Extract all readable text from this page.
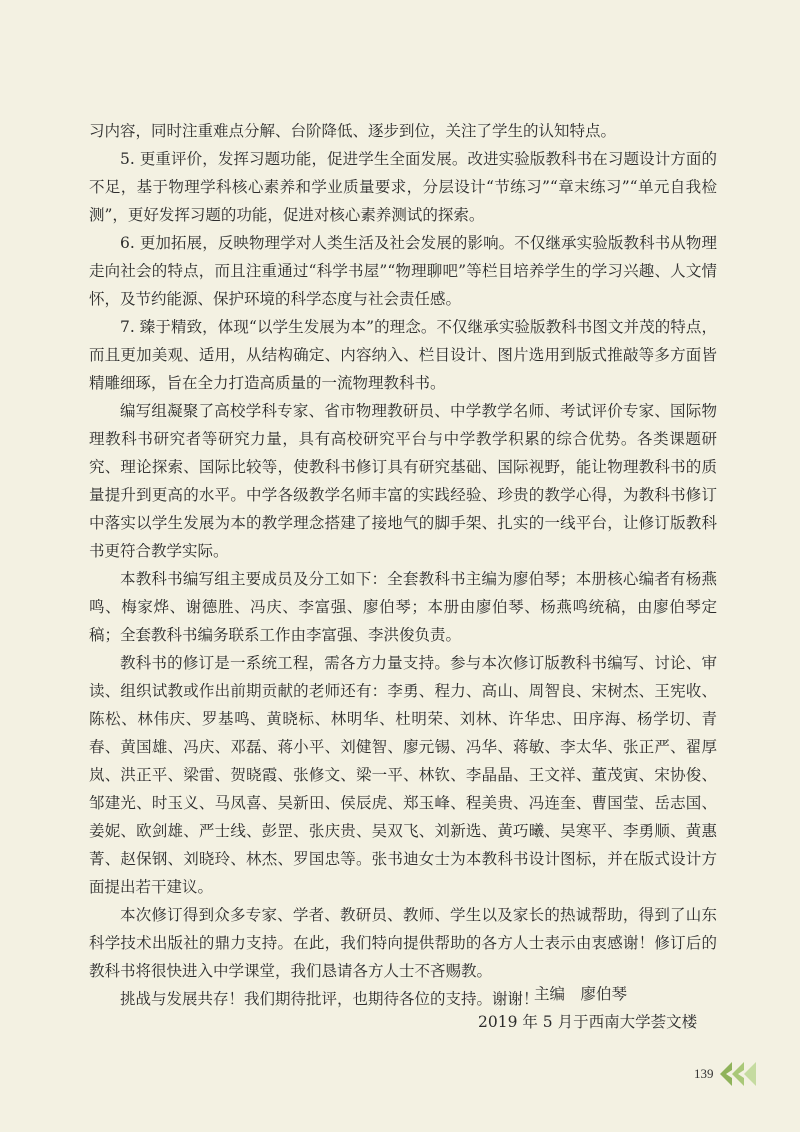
习内容，同时注重难点分解、台阶降低、逐步到位，关注了学生的认知特点。

5. 更重评价，发挥习题功能，促进学生全面发展。改进实验版教科书在习题设计方面的不足，基于物理学科核心素养和学业质量要求，分层设计“节练习”“章末练习”“单元自我检测”，更好发挥习题的功能，促进对核心素养测试的探索。

6. 更加拓展，反映物理学对人类生活及社会发展的影响。不仅继承实验版教科书从物理走向社会的特点，而且注重通过“科学书屋”“物理聊吧”等栏目培养学生的学习兴趣、人文情怀，及节约能源、保护环境的科学态度与社会责任感。

7. 臻于精致，体现“以学生发展为本”的理念。不仅继承实验版教科书图文并茂的特点，而且更加美观、适用，从结构确定、内容纳入、栏目设计、图片选用到版式推敲等多方面皆精雕细琢，旨在全力打造高质量的一流物理教科书。

编写组凝聚了高校学科专家、省市物理教研员、中学教学名师、考试评价专家、国际物理教科书研究者等研究力量，具有高校研究平台与中学教学积累的综合优势。各类课题研究、理论探索、国际比较等，使教科书修订具有研究基础、国际视野，能让物理教科书的质量提升到更高的水平。中学各级教学名师丰富的实践经验、珍贵的教学心得，为教科书修订中落实以学生发展为本的教学理念搭建了接地气的脚手架、扎实的一线平台，让修订版教科书更符合教学实际。

本教科书编写组主要成员及分工如下：全套教科书主编为廖伯琴；本册核心编者有杨燕鸣、梅家烨、谢德胜、冯庆、李富强、廖伯琴；本册由廖伯琴、杨燕鸣统稿，由廖伯琴定稿；全套教科书编务联系工作由李富强、李洪俊负责。

教科书的修订是一系统工程，需各方力量支持。参与本次修订版教科书编写、讨论、审读、组织试教或作出前期贡献的老师还有：李勇、程力、高山、周智良、宋树杰、王宪收、陈松、林伟庆、罗基鸣、黄晓标、林明华、杜明荣、刘林、许华忠、田序海、杨学切、青春、黄国雄、冯庆、邓磊、蒋小平、刘健智、廖元锡、冯华、蒋敏、李太华、张正严、翟厚岚、洪正平、梁雷、贺晓霞、张修文、梁一平、林钦、李晶晶、王文祥、董茂寅、宋协俊、邹建光、时玉义、马凤喜、吴新田、侯辰虎、郑玉峰、程美贵、冯连奎、曹国莹、岳志国、姜妮、欧剑雄、严士线、彭罡、张庆贵、吴双飞、刘新选、黄巧曦、吴寒平、李勇顺、黄惠菁、赵保钢、刘晓玲、林杰、罗国忠等。张书迪女士为本教科书设计图标，并在版式设计方面提出若干建议。

本次修订得到众多专家、学者、教研员、教师、学生以及家长的热诚帮助，得到了山东科学技术出版社的鼎力支持。在此，我们特向提供帮助的各方人士表示由衷感谢！修订后的教科书将很快进入中学课堂，我们恳请各方人士不吝赐教。

挑战与发展共存！我们期待批评，也期待各位的支持。谢谢！

主编　廖伯琴
2019 年 5 月于西南大学荟文楼
139
